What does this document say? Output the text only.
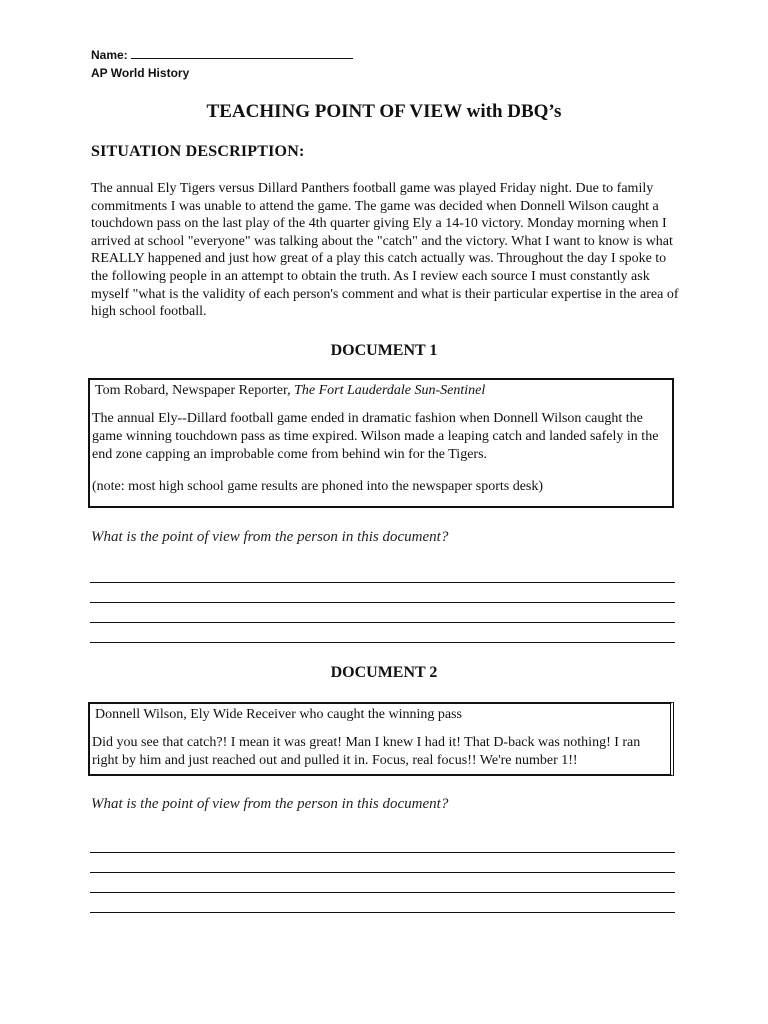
Name:
AP World History
TEACHING POINT OF VIEW with DBQ’s
SITUATION DESCRIPTION:

The annual Ely Tigers versus Dillard Panthers football game was played Friday night. Due to family commitments I was unable to attend the game. The game was decided when Donnell Wilson caught a touchdown pass on the last play of the 4th quarter giving Ely a 14-10 victory. Monday morning when I arrived at school "everyone" was talking about the "catch" and the victory. What I want to know is what REALLY happened and just how great of a play this catch actually was. Throughout the day I spoke to the following people in an attempt to obtain the truth. As I review each source I must constantly ask myself "what is the validity of each person's comment and what is their particular expertise in the area of high school football.

DOCUMENT 1
Tom Robard, Newspaper Reporter, The Fort Lauderdale Sun-Sentinel

The annual Ely--Dillard football game ended in dramatic fashion when Donnell Wilson caught the game winning touchdown pass as time expired. Wilson made a leaping catch and landed safely in the end zone capping an improbable come from behind win for the Tigers.

(note: most high school game results are phoned into the newspaper sports desk)

What is the point of view from the person in this document?
DOCUMENT 2
Donnell Wilson, Ely Wide Receiver who caught the winning pass

Did you see that catch?! I mean it was great! Man I knew I had it! That D-back was nothing! I ran right by him and just reached out and pulled it in. Focus, real focus!! We're number 1!!

What is the point of view from the person in this document?
